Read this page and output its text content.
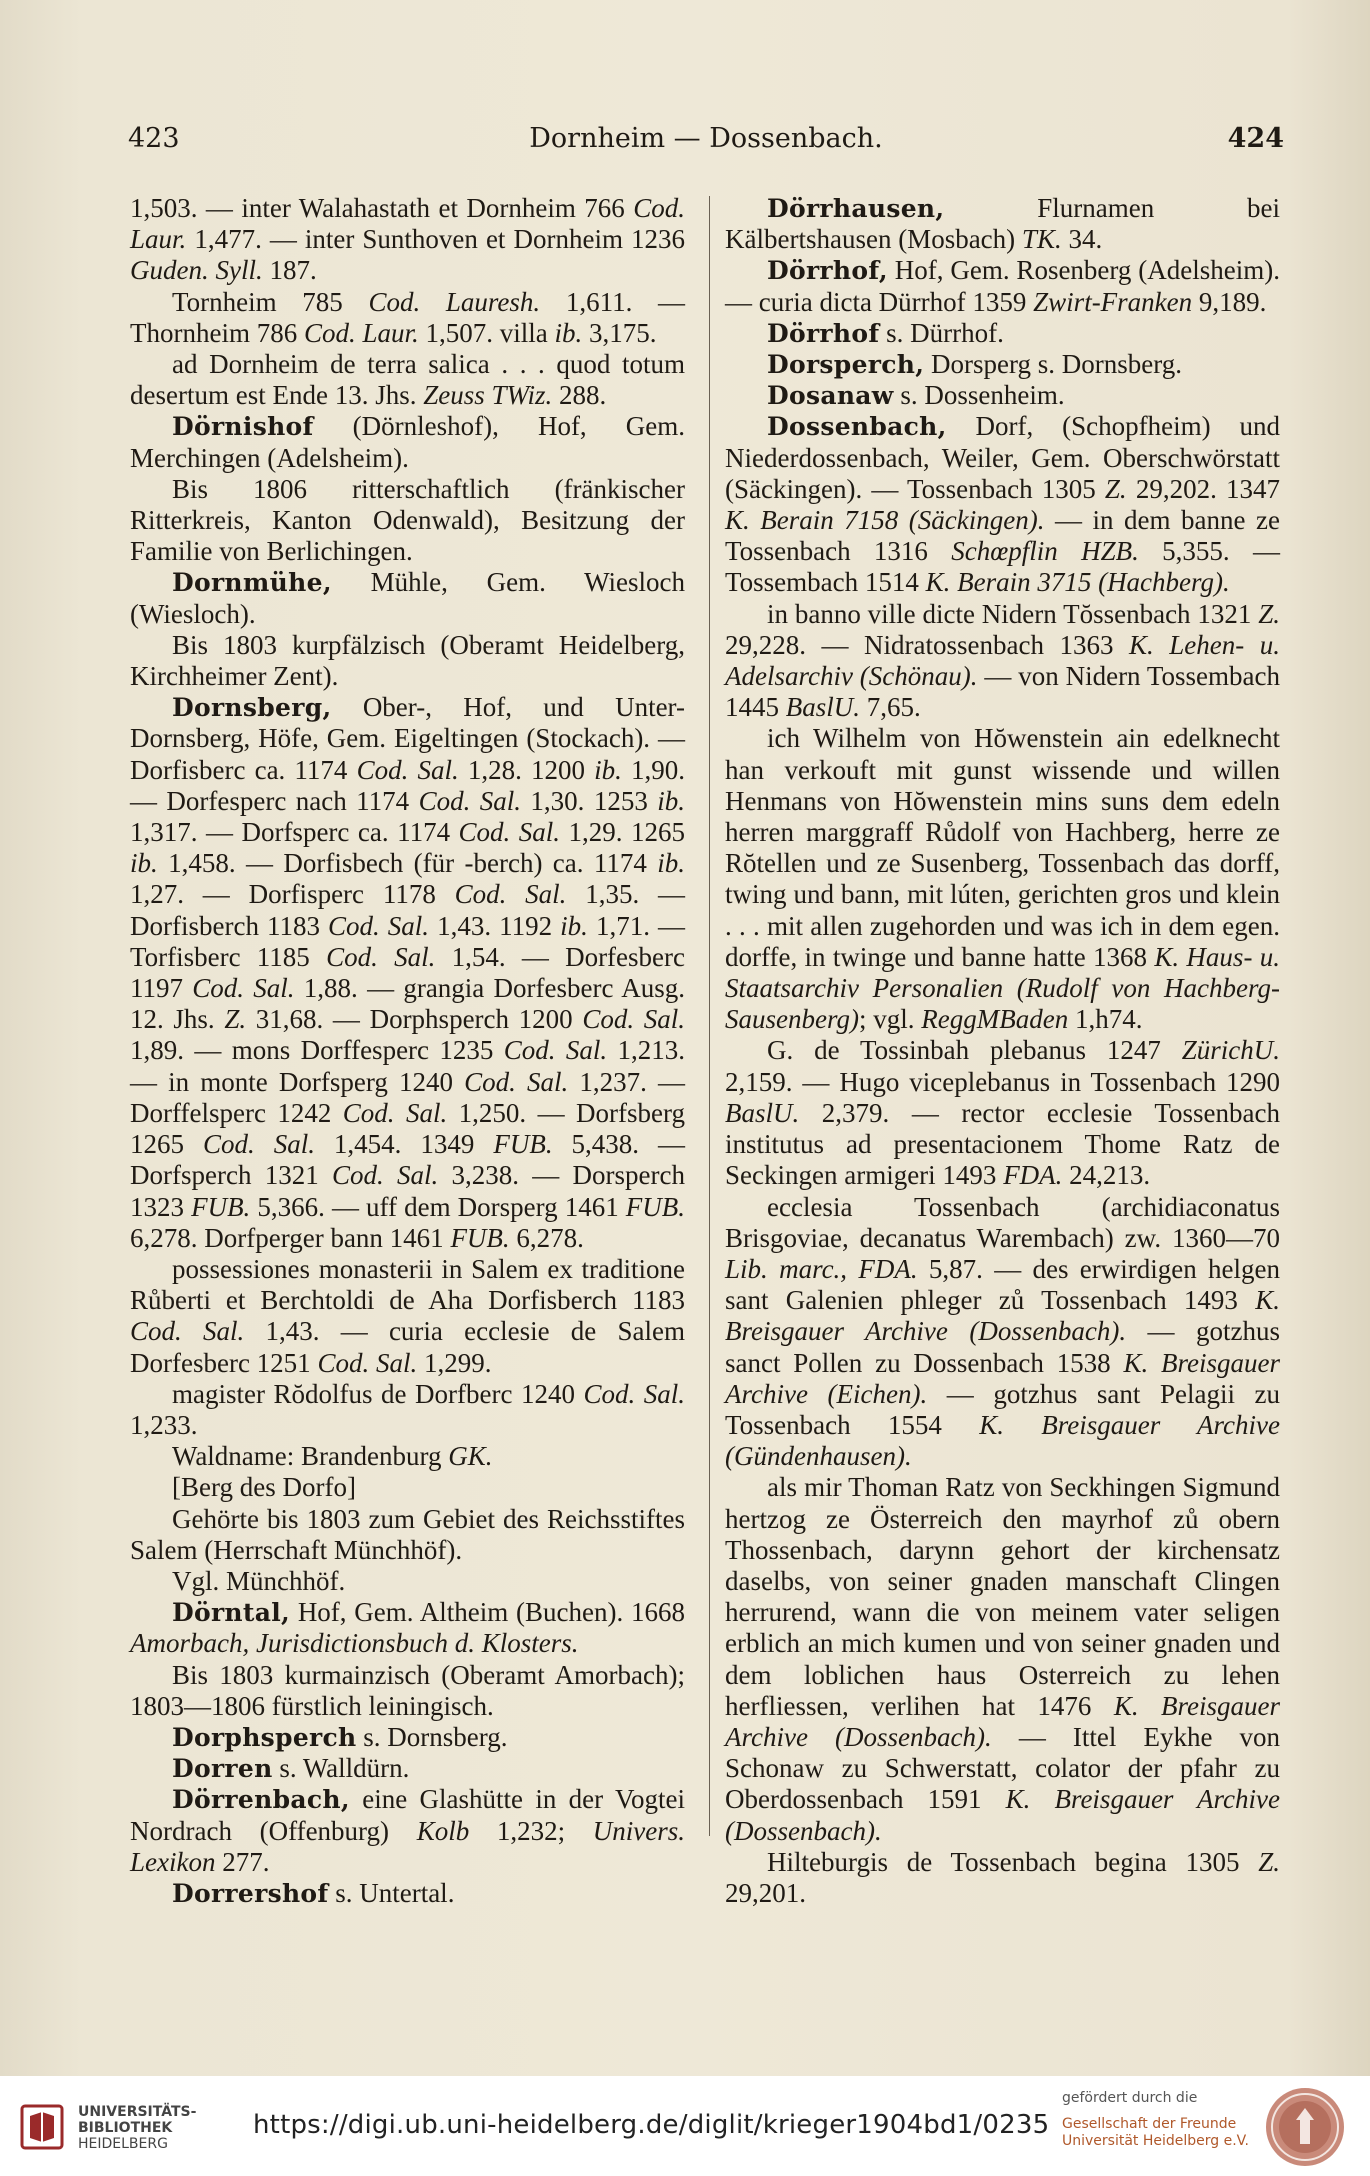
423	Dornheim — Dossenbach.	424

1,503. — inter Walahastath et Dornheim 766 Cod. Laur. 1,477. — inter Sunthoven et Dornheim 1236 Guden. Syll. 187.

Tornheim 785 Cod. Lauresh. 1,611. — Thornheim 786 Cod. Laur. 1,507. villa ib. 3,175.

ad Dornheim de terra salica . . . quod totum desertum est Ende 13. Jhs. Zeuss TWiz. 288.

Dörnishof (Dörnleshof), Hof, Gem. Merchingen (Adelsheim).

Bis 1806 ritterschaftlich (fränkischer Ritterkreis, Kanton Odenwald), Besitzung der Familie von Berlichingen.

Dornmühe, Mühle, Gem. Wiesloch (Wiesloch).

Bis 1803 kurpfälzisch (Oberamt Heidelberg, Kirchheimer Zent).

Dornsberg, Ober-, Hof, und Unter-Dornsberg, Höfe, Gem. Eigeltingen (Stockach). — Dorfisberc ca. 1174 Cod. Sal. 1,28. 1200 ib. 1,90. — Dorfesperc nach 1174 Cod. Sal. 1,30. 1253 ib. 1,317. — Dorfsperc ca. 1174 Cod. Sal. 1,29. 1265 ib. 1,458. — Dorfisbech (für -berch) ca. 1174 ib. 1,27. — Dorfisperc 1178 Cod. Sal. 1,35. — Dorfisberch 1183 Cod. Sal. 1,43. 1192 ib. 1,71. — Torfisberc 1185 Cod. Sal. 1,54. — Dorfesberc 1197 Cod. Sal. 1,88. — grangia Dorfesberc Ausg. 12. Jhs. Z. 31,68. — Dorphsperch 1200 Cod. Sal. 1,89. — mons Dorffesperc 1235 Cod. Sal. 1,213. — in monte Dorfsperg 1240 Cod. Sal. 1,237. — Dorffelsperc 1242 Cod. Sal. 1,250. — Dorfsberg 1265 Cod. Sal. 1,454. 1349 FUB. 5,438. — Dorfsperch 1321 Cod. Sal. 3,238. — Dorsperch 1323 FUB. 5,366. — uff dem Dorsperg 1461 FUB. 6,278. Dorfperger bann 1461 FUB. 6,278.

possessiones monasterii in Salem ex traditione Růberti et Berchtoldi de Aha Dorfisberch 1183 Cod. Sal. 1,43. — curia ecclesie de Salem Dorfesberc 1251 Cod. Sal. 1,299.

magister Rŏdolfus de Dorfberc 1240 Cod. Sal. 1,233.

Waldname: Brandenburg GK.

[Berg des Dorfo]

Gehörte bis 1803 zum Gebiet des Reichsstiftes Salem (Herrschaft Münchhöf).

Vgl. Münchhöf.

Dörntal, Hof, Gem. Altheim (Buchen). 1668 Amorbach, Jurisdictionsbuch d. Klosters.

Bis 1803 kurmainzisch (Oberamt Amorbach); 1803—1806 fürstlich leiningisch.

Dorphsperch s. Dornsberg.

Dorren s. Walldürn.

Dörrenbach, eine Glashütte in der Vogtei Nordrach (Offenburg) Kolb 1,232; Univers. Lexikon 277.

Dorrershof s. Untertal.

Dörrhausen, Flurnamen bei Kälbertshausen (Mosbach) TK. 34.

Dörrhof, Hof, Gem. Rosenberg (Adelsheim). — curia dicta Dürrhof 1359 Zwirt-Franken 9,189.

Dörrhof s. Dürrhof.

Dorsperch, Dorsperg s. Dornsberg.

Dosanaw s. Dossenheim.

Dossenbach, Dorf, (Schopfheim) und Niederdossenbach, Weiler, Gem. Oberschwörstatt (Säckingen). — Tossenbach 1305 Z. 29,202. 1347 K. Berain 7158 (Säckingen). — in dem banne ze Tossenbach 1316 Schœpflin HZB. 5,355. — Tossembach 1514 K. Berain 3715 (Hachberg).

in banno ville dicte Nidern Tŏssenbach 1321 Z. 29,228. — Nidratossenbach 1363 K. Lehen- u. Adelsarchiv (Schönau). — von Nidern Tossembach 1445 BaslU. 7,65.

ich Wilhelm von Hŏwenstein ain edelknecht han verkouft mit gunst wissende und willen Henmans von Hŏwenstein mins suns dem edeln herren marggraff Růdolf von Hachberg, herre ze Rŏtellen und ze Susenberg, Tossenbach das dorff, twing und bann, mit lúten, gerichten gros und klein . . . mit allen zugehorden und was ich in dem egen. dorffe, in twinge und banne hatte 1368 K. Haus- u. Staatsarchiv Personalien (Rudolf von Hachberg-Sausenberg); vgl. ReggMBaden 1,h74.

G. de Tossinbah plebanus 1247 ZürichU. 2,159. — Hugo viceplebanus in Tossenbach 1290 BaslU. 2,379. — rector ecclesie Tossenbach institutus ad presentacionem Thome Ratz de Seckingen armigeri 1493 FDA. 24,213.

ecclesia Tossenbach (archidiaconatus Brisgoviae, decanatus Warembach) zw. 1360—70 Lib. marc., FDA. 5,87. — des erwirdigen helgen sant Galenien phleger zů Tossenbach 1493 K. Breisgauer Archive (Dossenbach). — gotzhus sanct Pollen zu Dossenbach 1538 K. Breisgauer Archive (Eichen). — gotzhus sant Pelagii zu Tossenbach 1554 K. Breisgauer Archive (Gündenhausen).

als mir Thoman Ratz von Seckhingen Sigmund hertzog ze Österreich den mayrhof zů obern Thossenbach, darynn gehort der kirchensatz daselbs, von seiner gnaden manschaft Clingen herrurend, wann die von meinem vater seligen erblich an mich kumen und von seiner gnaden und dem loblichen haus Osterreich zu lehen herfliessen, verlihen hat 1476 K. Breisgauer Archive (Dossenbach). — Ittel Eykhe von Schonaw zu Schwerstatt, colator der pfahr zu Oberdossenbach 1591 K. Breisgauer Archive (Dossenbach).

Hilteburgis de Tossenbach begina 1305 Z. 29,201.

UNIVERSITÄTS-
BIBLIOTHEK
HEIDELBERG
https://digi.ub.uni-heidelberg.de/diglit/krieger1904bd1/0235
gefördert durch die
Gesellschaft der Freunde
Universität Heidelberg e.V.
